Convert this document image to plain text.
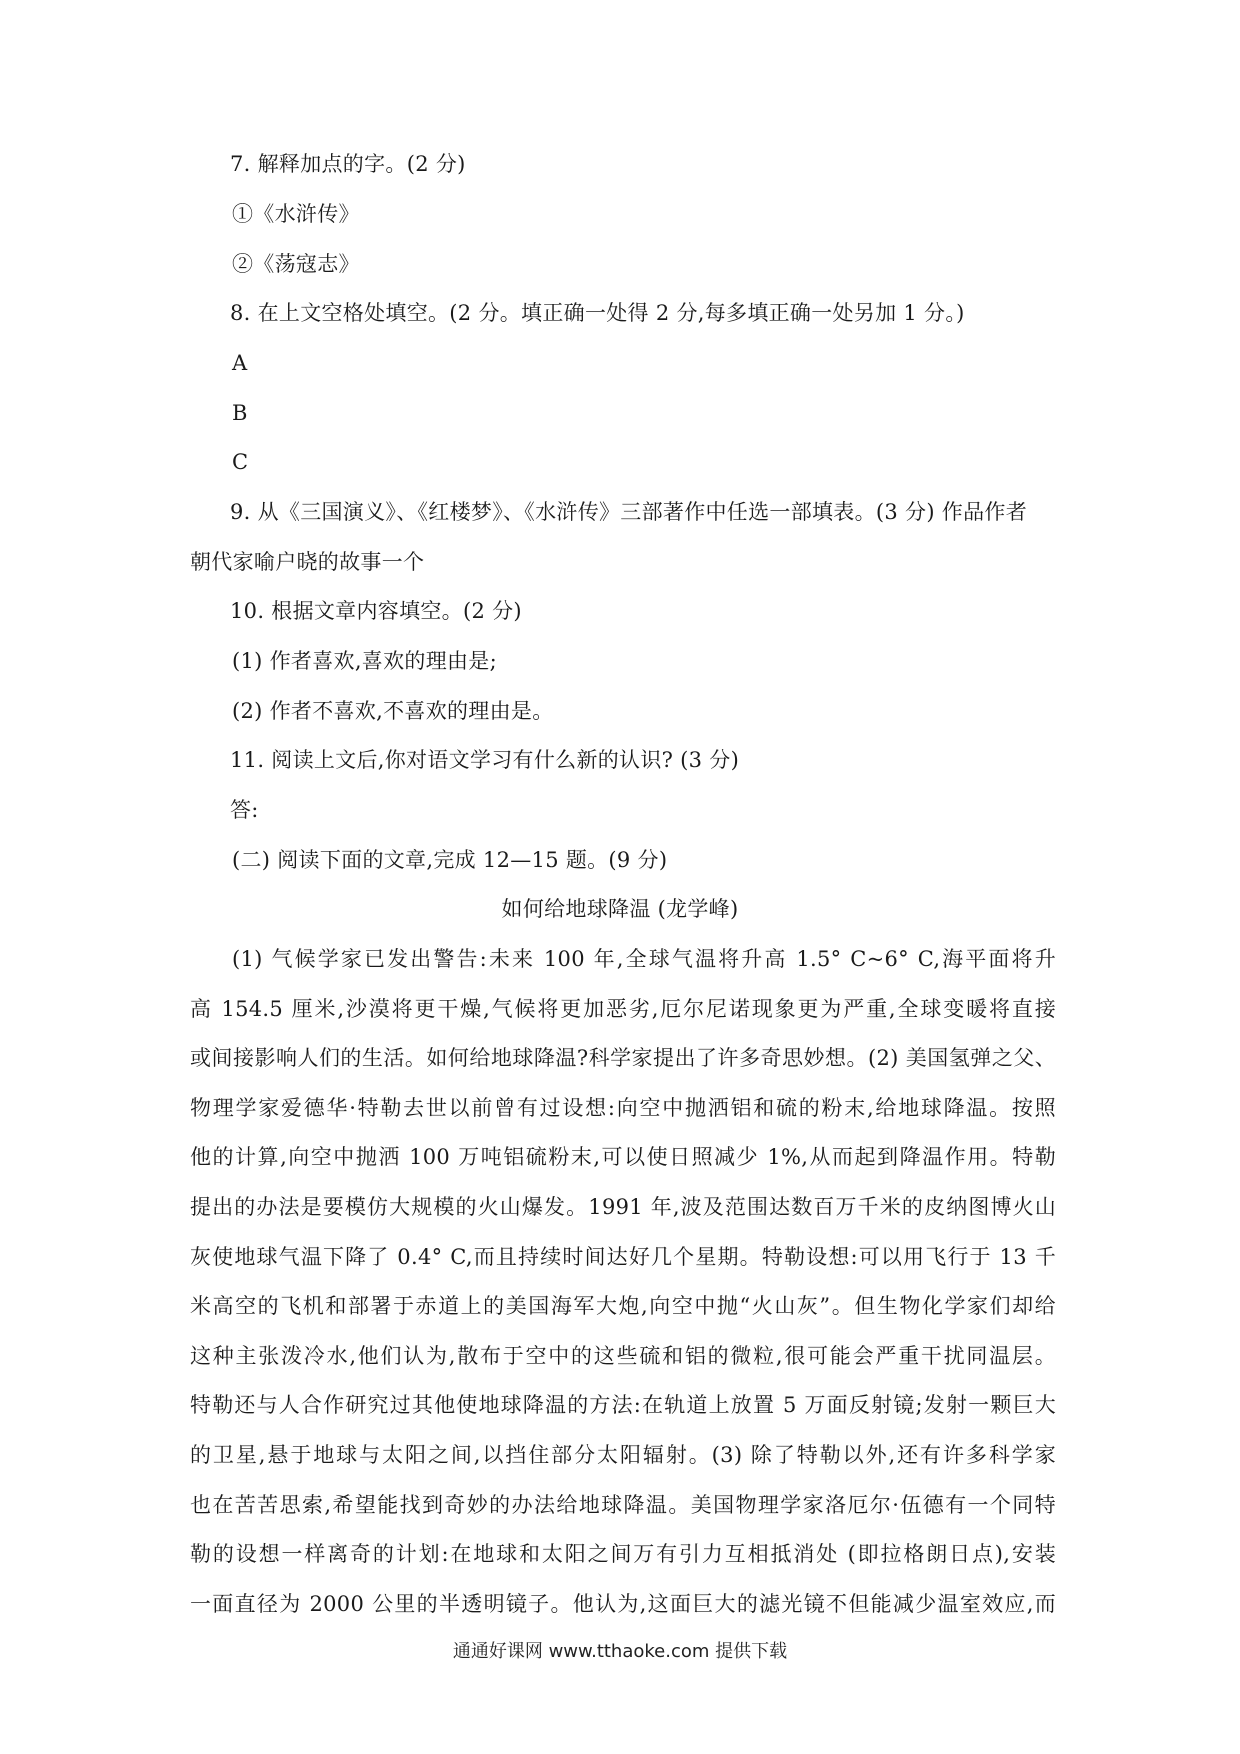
7. 解释加点的字。(2 分)
①《水浒传》
②《荡寇志》
8. 在上文空格处填空。(2 分。填正确一处得 2 分,每多填正确一处另加 1 分。)
A
B
C
9. 从《三国演义》、《红楼梦》、《水浒传》三部著作中任选一部填表。(3 分) 作品作者
朝代家喻户晓的故事一个
10. 根据文章内容填空。(2 分)
(1) 作者喜欢,喜欢的理由是;
(2) 作者不喜欢,不喜欢的理由是。
11. 阅读上文后,你对语文学习有什么新的认识? (3 分)
答:
(二) 阅读下面的文章,完成 12—15 题。(9 分)
如何给地球降温 (龙学峰)
(1) 气候学家已发出警告:未来 100 年,全球气温将升高 1.5° C~6° C,海平面将升
高 154.5 厘米,沙漠将更干燥,气候将更加恶劣,厄尔尼诺现象更为严重,全球变暖将直接
或间接影响人们的生活。如何给地球降温?科学家提出了许多奇思妙想。(2) 美国氢弹之父、
物理学家爱德华·特勒去世以前曾有过设想:向空中抛洒铝和硫的粉末,给地球降温。按照
他的计算,向空中抛洒 100 万吨铝硫粉末,可以使日照减少 1%,从而起到降温作用。特勒
提出的办法是要模仿大规模的火山爆发。1991 年,波及范围达数百万千米的皮纳图博火山
灰使地球气温下降了 0.4° C,而且持续时间达好几个星期。特勒设想:可以用飞行于 13 千
米高空的飞机和部署于赤道上的美国海军大炮,向空中抛“火山灰”。但生物化学家们却给
这种主张泼冷水,他们认为,散布于空中的这些硫和铝的微粒,很可能会严重干扰同温层。
特勒还与人合作研究过其他使地球降温的方法:在轨道上放置 5 万面反射镜;发射一颗巨大
的卫星,悬于地球与太阳之间,以挡住部分太阳辐射。(3) 除了特勒以外,还有许多科学家
也在苦苦思索,希望能找到奇妙的办法给地球降温。美国物理学家洛厄尔·伍德有一个同特
勒的设想一样离奇的计划:在地球和太阳之间万有引力互相抵消处 (即拉格朗日点),安装
一面直径为 2000 公里的半透明镜子。他认为,这面巨大的滤光镜不但能减少温室效应,而
通通好课网 www.tthaoke.com 提供下载
